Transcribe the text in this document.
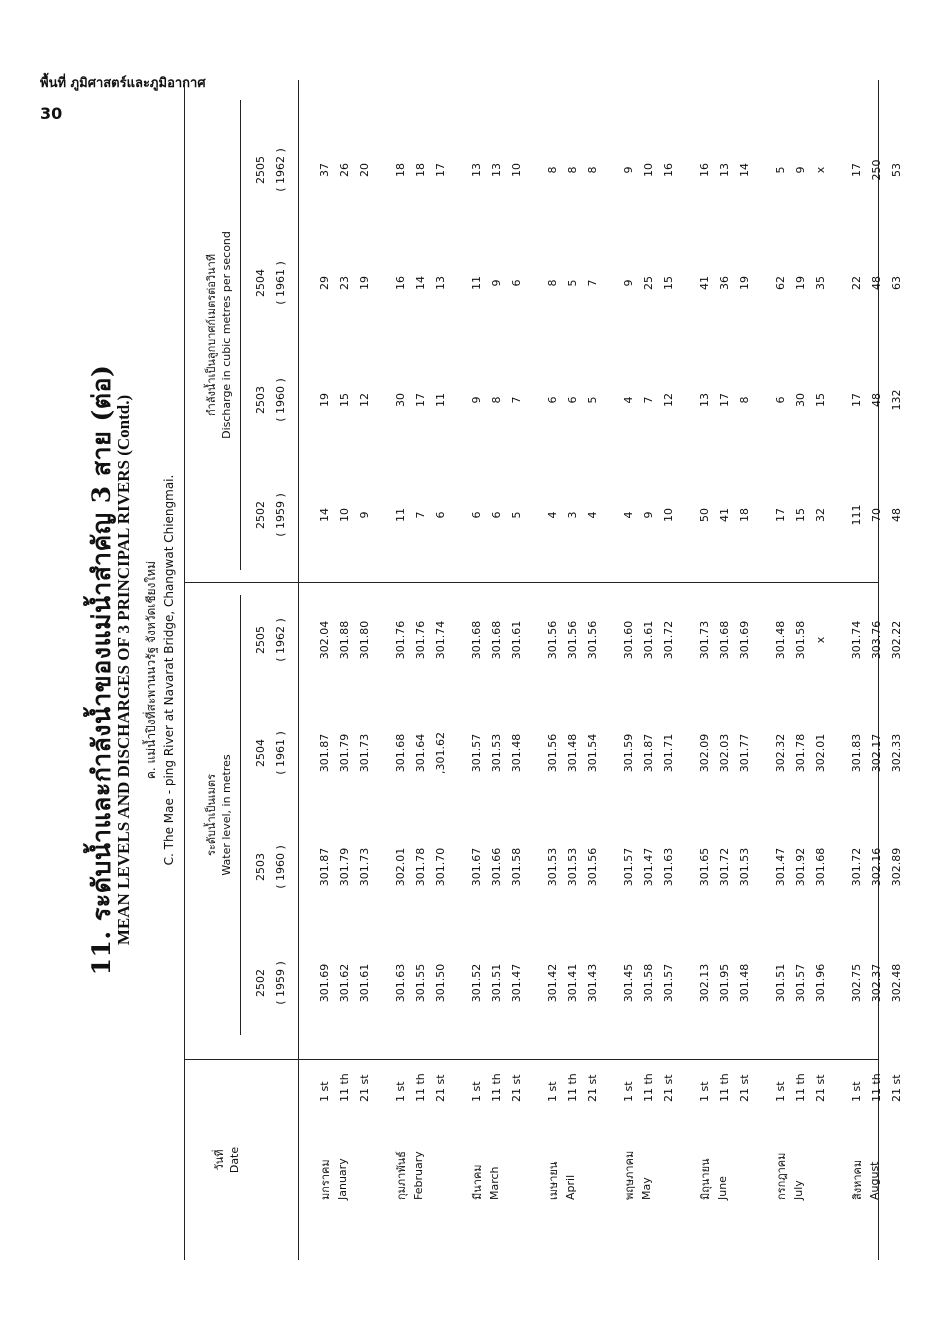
พื้นที่ ภูมิศาสตร์และภูมิอากาศ
30
11. ระดับน้ำและกำลังน้ำของแม่น้ำสำคัญ 3 สาย (ต่อ)
MEAN LEVELS AND DISCHARGES OF 3 PRINCIPAL RIVERS (Contd.) ค. แม่น้ำปิงที่สะพานนวรัฐ จังหวัดเชียงใหม่ C. The Mae - ping River at Navarat Bridge, Changwat Chiengmai.
วันที่ Date
ระดับน้ำเป็นเมตร Water level, in metres
กำลังน้ำเป็นลูกบาศก์เมตรต่อวินาที Discharge in cubic metres per second
2502 ( 1959 )
2502 ( 1959 )
2503 ( 1960 )
2503 ( 1960 )
2504 ( 1961 )
2504 ( 1961 )
2505 ( 1962 )
2505 ( 1962 )
มกราคม January
1 st
301.69
301.87
301.87
302.04
14
19
29
37
11 th
301.62
301.79
301.79
301.88
10
15
23
26
21 st
301.61
301.73
301.73
301.80
9
12
19
20
กุมภาพันธ์ February
1 st
301.63
302.01
301.68
301.76
11
30
16
18
11 th
301.55
301.78
301.64
301.76
7
17
14
18
21 st
301.50
301.70
,301.62
301.74
6
11
13
17
มีนาคม March
1 st
301.52
301.67
301.57
301.68
6
9
11
13
11 th
301.51
301.66
301.53
301.68
6
8
9
13
21 st
301.47
301.58
301.48
301.61
5
7
6
10
เมษายน April
1 st
301.42
301.53
301.56
301.56
4
6
8
8
11 th
301.41
301.53
301.48
301.56
3
6
5
8
21 st
301.43
301.56
301.54
301.56
4
5
7
8
พฤษภาคม May
1 st
301.45
301.57
301.59
301.60
4
4
9
9
11 th
301.58
301.47
301.87
301.61
9
7
25
10
21 st
301.57
301.63
301.71
301.72
10
12
15
16
มิถุนายน June
1 st
302.13
301.65
302.09
301.73
50
13
41
16
11 th
301.95
301.72
302.03
301.68
41
17
36
13
21 st
301.48
301.53
301.77
301.69
18
8
19
14
กรกฎาคม July
1 st
301.51
301.47
302.32
301.48
17
6
62
5
11 th
301.57
301.92
301.78
301.58
15
30
19
9
21 st
301.96
301.68
302.01
x
32
15
35
x
สิงหาคม August
1 st
302.75
301.72
301.83
301.74
111
17
22
17
11 th
302.37
302.16
302.17
303.76
70
48
48
250
21 st
302.48
302.89
302.33
302.22
48
132
63
53
